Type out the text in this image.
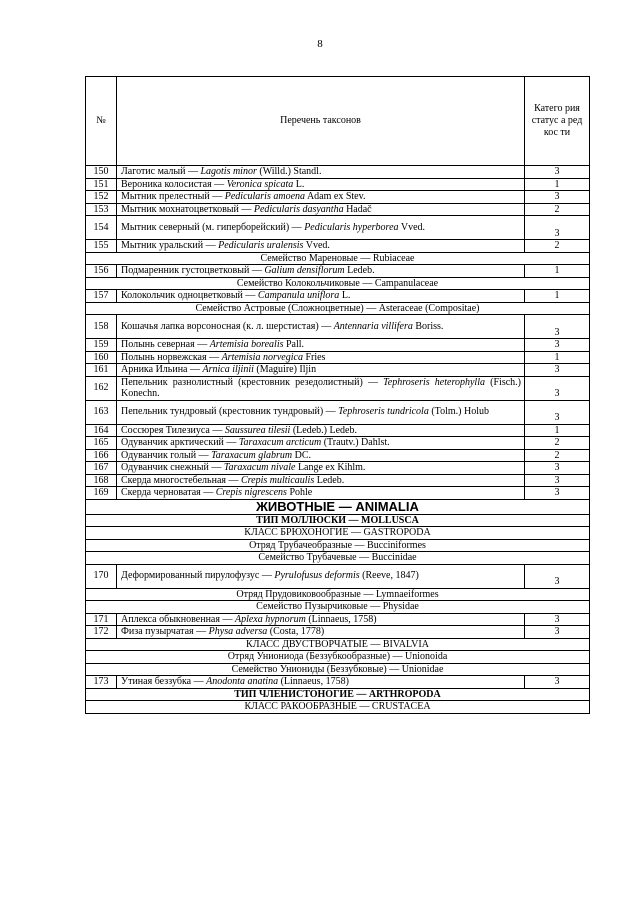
8
№	Перечень таксонов	Катего рия статус а редкос ти
150	Лаготис малый — Lagotis minor (Willd.) Standl.	3
151	Вероника колосистая — Veronica spicata L.	1
152	Мытник прелестный — Pedicularis amoena Adam ex Stev.	3
153	Мытник мохнатоцветковый — Pedicularis dasyantha Hadač	2
154	Мытник северный (м. гиперборейский) — Pedicularis hyperborea Vved.	3
155	Мытник уральский — Pedicularis uralensis Vved.	2
Семейство Мареновые — Rubiaceae		
156	Подмаренник густоцветковый — Galium densiflorum Ledeb.	1
Семейство Колокольчиковые — Campanulaceae		
157	Колокольчик одноцветковый — Campanula uniflora L.	1
Семейство Астровые (Сложноцветные) — Asteraceae (Compositae)		
158	Кошачья лапка ворсоносная (к. л. шерстистая) — Antennaria villifera Boriss.	3
159	Полынь северная — Artemisia borealis Pall.	3
160	Полынь норвежская — Artemisia norvegica Fries	1
161	Арника Ильина — Arnica iljinii (Maguire) Iljin	3
162	Пепельник разнолистный (крестовник резедолистный) — Tephroseris heterophylla (Fisch.) Konechn.	3
163	Пепельник тундровый (крестовник тундровый) — Tephroseris tundricola (Tolm.) Holub	3
164	Соссюрея Тилезиуса — Saussurea tilesii (Ledeb.) Ledeb.	1
165	Одуванчик арктический — Taraxacum arcticum (Trautv.) Dahlst.	2
166	Одуванчик голый — Taraxacum glabrum DC.	2
167	Одуванчик снежный — Taraxacum nivale Lange ex Kihlm.	3
168	Скерда многостебельная — Crepis multicaulis Ledeb.	3
169	Скерда черноватая — Crepis nigrescens Pohle	3
ЖИВОТНЫЕ — ANIMALIA		
ТИП МОЛЛЮСКИ — MOLLUSCA		
КЛАСС БРЮХОНОГИЕ — GASTROPODA		
Отряд Трубачеобразные — Bucciniformes		
Семейство Трубачевые — Buccinidae		
170	Деформированный пирулофузус — Pyrulofusus deformis (Reeve, 1847)	3
Отряд Прудовиковообразные — Lymnaeiformes		
Семейство Пузырчиковые — Physidae		
171	Аплекса обыкновенная — Aplexa hypnorum (Linnaeus, 1758)	3
172	Физа пузырчатая — Physa adversa (Costa, 1778)	3
КЛАСС ДВУСТВОРЧАТЫЕ — BIVALVIA		
Отряд Униониода (Беззубкообразные) — Unionoida		
Семейство Униониды (Беззубковые) — Unionidae		
173	Утиная беззубка — Anodonta anatina (Linnaeus, 1758)	3
ТИП ЧЛЕНИСТОНОГИЕ — ARTHROPODA		
КЛАСС РАКООБРАЗНЫЕ — CRUSTACEA		
